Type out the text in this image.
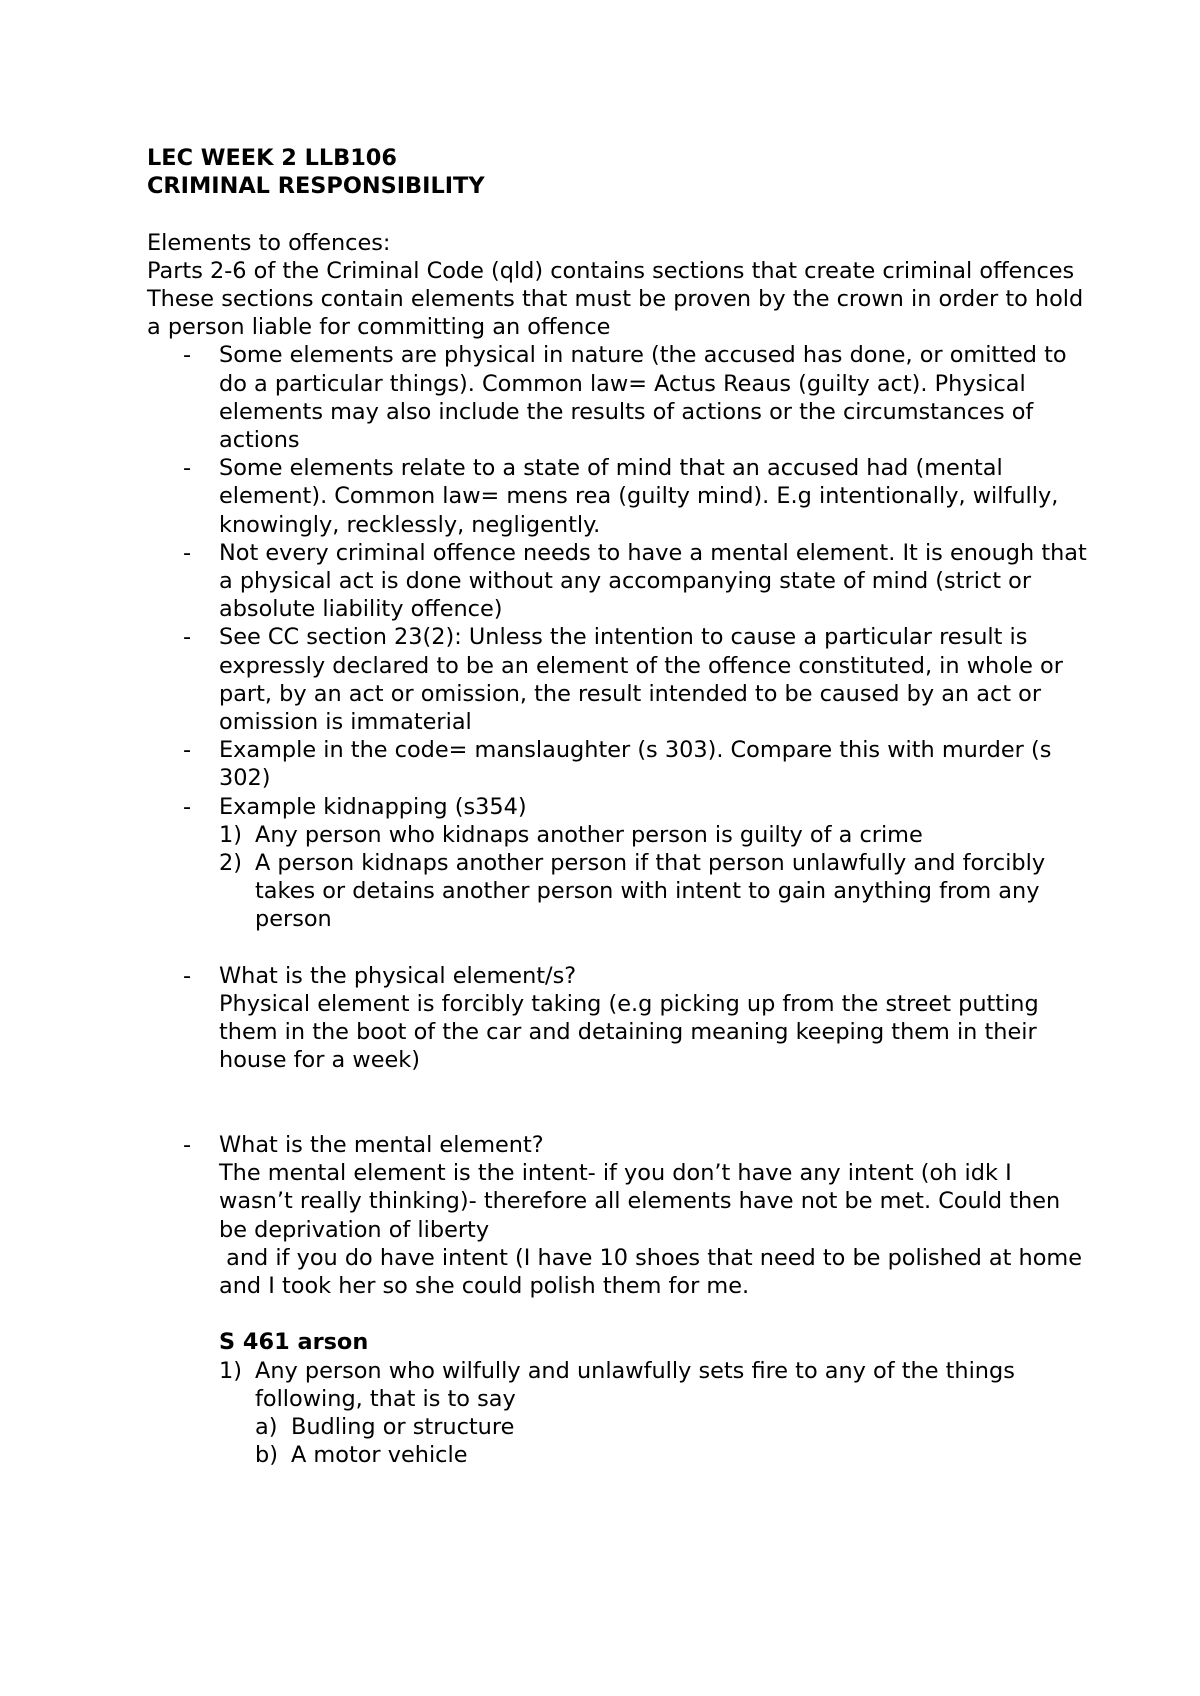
LEC WEEK 2 LLB106

CRIMINAL RESPONSIBILITY

Elements to offences:

Parts 2-6 of the Criminal Code (qld) contains sections that create criminal offences

These sections contain elements that must be proven by the crown in order to hold a person liable for committing an offence

- Some elements are physical in nature (the accused has done, or omitted to do a particular things). Common law= Actus Reaus (guilty act). Physical elements may also include the results of actions or the circumstances of actions

- Some elements relate to a state of mind that an accused had (mental element). Common law= mens rea (guilty mind). E.g intentionally, wilfully, knowingly, recklessly, negligently.

- Not every criminal offence needs to have a mental element. It is enough that a physical act is done without any accompanying state of mind (strict or absolute liability offence)

- See CC section 23(2): Unless the intention to cause a particular result is expressly declared to be an element of the offence constituted, in whole or part, by an act or omission, the result intended to be caused by an act or omission is immaterial

- Example in the code= manslaughter (s 303). Compare this with murder (s 302)

- Example kidnapping (s354)

1) Any person who kidnaps another person is guilty of a crime

2) A person kidnaps another person if that person unlawfully and forcibly takes or detains another person with intent to gain anything from any person

- What is the physical element/s?

Physical element is forcibly taking (e.g picking up from the street putting them in the boot of the car and detaining meaning keeping them in their house for a week)

- What is the mental element?

The mental element is the intent- if you don’t have any intent (oh idk I wasn’t really thinking)- therefore all elements have not be met. Could then be deprivation of liberty

and if you do have intent (I have 10 shoes that need to be polished at home and I took her so she could polish them for me.

S 461 arson

1) Any person who wilfully and unlawfully sets fire to any of the things following, that is to say

a) Budling or structure

b) A motor vehicle
